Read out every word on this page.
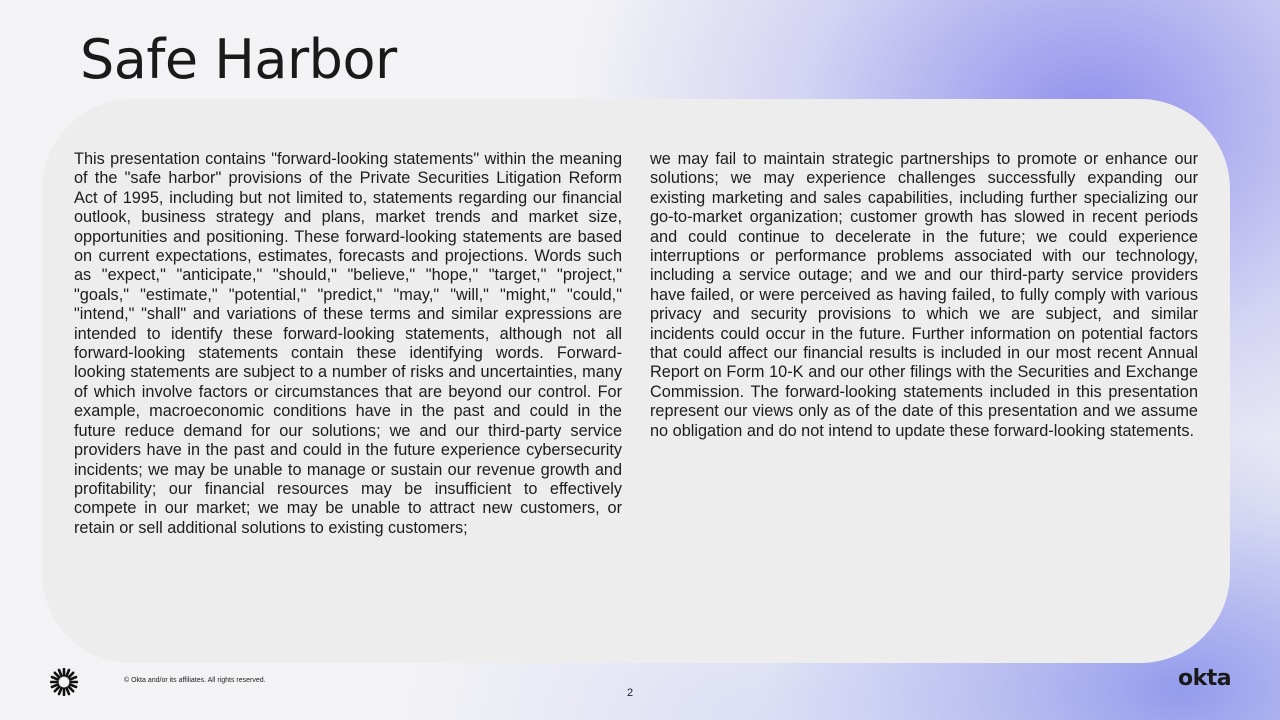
Safe Harbor

This presentation contains "forward-looking statements" within the meaning of the "safe harbor" provisions of the Private Securities Litigation Reform Act of 1995, including but not limited to, statements regarding our financial outlook, business strategy and plans, market trends and market size, opportunities and positioning. These forward-looking statements are based on current expectations, estimates, forecasts and projections. Words such as "expect," "anticipate," "should," "believe," "hope," "target," "project," "goals," "estimate," "potential," "predict," "may," "will," "might," "could," "intend," "shall" and variations of these terms and similar expressions are intended to identify these forward-looking statements, although not all forward-looking statements contain these identifying words. Forward-looking statements are subject to a number of risks and uncertainties, many of which involve factors or circumstances that are beyond our control. For example, macroeconomic conditions have in the past and could in the future reduce demand for our solutions; we and our third-party service providers have in the past and could in the future experience cybersecurity incidents; we may be unable to manage or sustain our revenue growth and profitability; our financial resources may be insufficient to effectively compete in our market; we may be unable to attract new customers, or retain or sell additional solutions to existing customers;

we may fail to maintain strategic partnerships to promote or enhance our solutions; we may experience challenges successfully expanding our existing marketing and sales capabilities, including further specializing our go-to-market organization; customer growth has slowed in recent periods and could continue to decelerate in the future; we could experience interruptions or performance problems associated with our technology, including a service outage; and we and our third-party service providers have failed, or were perceived as having failed, to fully comply with various privacy and security provisions to which we are subject, and similar incidents could occur in the future. Further information on potential factors that could affect our financial results is included in our most recent Annual Report on Form 10-K and our other filings with the Securities and Exchange Commission. The forward-looking statements included in this presentation represent our views only as of the date of this presentation and we assume no obligation and do not intend to update these forward-looking statements.

© Okta and/or its affiliates. All rights reserved.
2
okta
